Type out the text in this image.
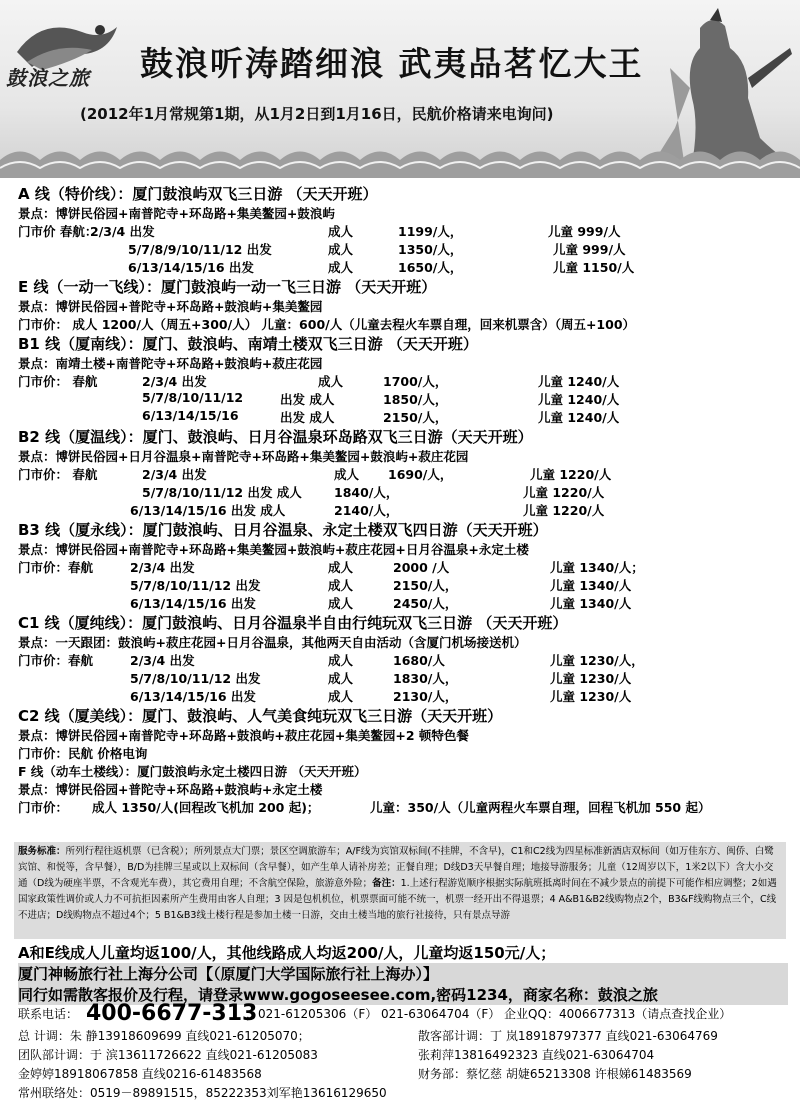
鼓浪之旅 鼓浪听涛踏细浪 武夷品茗忆大王
(2012年1月常规第1期，从1月2日到1月16日，民航价格请来电询问)
A 线（特价线）：厦门鼓浪屿双飞三日游 （天天开班）
景点：博饼民俗园+南普陀寺+环岛路+集美鳌园+鼓浪屿
门市价 春航：
2/3/4 出发	成人	1199/人，	儿童 999/人
5/7/8/9/10/11/12 出发	成人	1350/人，	儿童 999/人
6/13/14/15/16 出发	成人	1650/人，	儿童 1150/人
E 线（一动一飞线）：厦门鼓浪屿一动一飞三日游 （天天开班）
景点：博饼民俗园+普陀寺+环岛路+鼓浪屿+集美鳌园
门市价： 成人 1200/人（周五+300/人） 儿童：600/人（儿童去程火车票自理，回来机票含）（周五+100）
B1 线（厦南线）：厦门、鼓浪屿、南靖土楼双飞三日游 （天天开班）
景点：南靖土楼+南普陀寺+环岛路+鼓浪屿+菽庄花园
门市价： 春航	2/3/4 出发	成人	1700/人，	儿童 1240/人
5/7/8/10/11/12	出发 成人	1850/人，	儿童 1240/人
6/13/14/15/16	出发 成人	2150/人，	儿童 1240/人
B2 线（厦温线）：厦门、鼓浪屿、日月谷温泉环岛路双飞三日游（天天开班）
景点：博饼民俗园+日月谷温泉+南普陀寺+环岛路+集美鳌园+鼓浪屿+菽庄花园
门市价： 春航	2/3/4 出发	成人 1690/人，	儿童 1220/人
5/7/8/10/11/12 出发 成人	1840/人，	儿童 1220/人
6/13/14/15/16 出发 成人	2140/人，	儿童 1220/人
B3 线（厦永线）：厦门鼓浪屿、日月谷温泉、永定土楼双飞四日游（天天开班）
景点：博饼民俗园+南普陀寺+环岛路+集美鳌园+鼓浪屿+菽庄花园+日月谷温泉+永定土楼
门市价：春航	2/3/4 出发	成人	2000 /人	儿童 1340/人；
5/7/8/10/11/12 出发	成人	2150/人，	儿童 1340/人
6/13/14/15/16 出发	成人	2450/人，	儿童 1340/人
C1 线（厦纯线）：厦门鼓浪屿、日月谷温泉半自由行纯玩双飞三日游 （天天开班）
景点：一天跟团：鼓浪屿+菽庄花园+日月谷温泉，其他两天自由活动（含厦门机场接送机）
门市价：春航	2/3/4 出发	成人	1680/人	儿童 1230/人，
5/7/8/10/11/12 出发	成人	1830/人，	儿童 1230/人
6/13/14/15/16 出发	成人	2130/人，	儿童 1230/人
C2 线（厦美线）：厦门、鼓浪屿、人气美食纯玩双飞三日游（天天开班）
景点：博饼民俗园+南普陀寺+环岛路+鼓浪屿+菽庄花园+集美鳌园+2 顿特色餐
门市价：民航 价格电询
F 线（动车土楼线）：厦门鼓浪屿永定土楼四日游 （天天开班）
景点：博饼民俗园+普陀寺+环岛路+鼓浪屿+永定土楼
门市价： 成人 1350/人(回程改飞机加 200 起)；	儿童：350/人（儿童两程火车票自理，回程飞机加 550 起）
服务标准：所列行程往返机票（已含税）；所列景点大门票；景区空调旅游车；A/F线为宾馆双标间(不挂牌，不含早)，C1和C2线为四星标准新酒店双标间（如万佳东方、闽侨、白鹭宾馆、和悦等，含早餐），B/D为挂牌三星或以上双标间（含早餐），如产生单人请补房差；正餐自理；D线D3天早餐自理；地接导游服务；儿童（12周岁以下，1米2以下）含大小交通（D线为硬座半票，不含观光车费），其它费用自理；不含航空保险，旅游意外险；备注：1.上述行程游览顺序根据实际航班抵离时间在不减少景点的前提下可能作相应调整；2如遇国家政策性调价或人力不可抗拒因素所产生费用由客人自理；3 因是包机机位，机票票面可能不统一，机票一经开出不得退票；4 A&B1&B2线购物点2个，B3&F线购物点三个，C线不进店；D线购物点不超过4个；5 B1&B3线土楼行程是参加土楼一日游，交由土楼当地的旅行社接待，只有景点导游
A和E线成人儿童均返100/人，其他线路成人均返200/人，儿童均返150元/人；
厦门神畅旅行社上海分公司【（原厦门大学国际旅行社上海办）】
同行如需散客报价及行程，请登录www.gogoseesee.com,密码1234，商家名称：鼓浪之旅
联系电话： 400-6677-313
，021-61205306（F） 021-63064704（F） 企业QQ：4006677313（请点查找企业）
总 计调：朱 静13918609699 直线021-61205070；	散客部计调：丁 岚18918797377 直线021-63064769
团队部计调：于 滨13611726622 直线021-61205083	张莉萍13816492323 直线021-63064704
金婷婷18918067858 直线0216-61483568	财务部：蔡忆慈 胡婕65213308 许根娣61483569
常州联络处：0519－89891515，85222353刘军艳13616129650
